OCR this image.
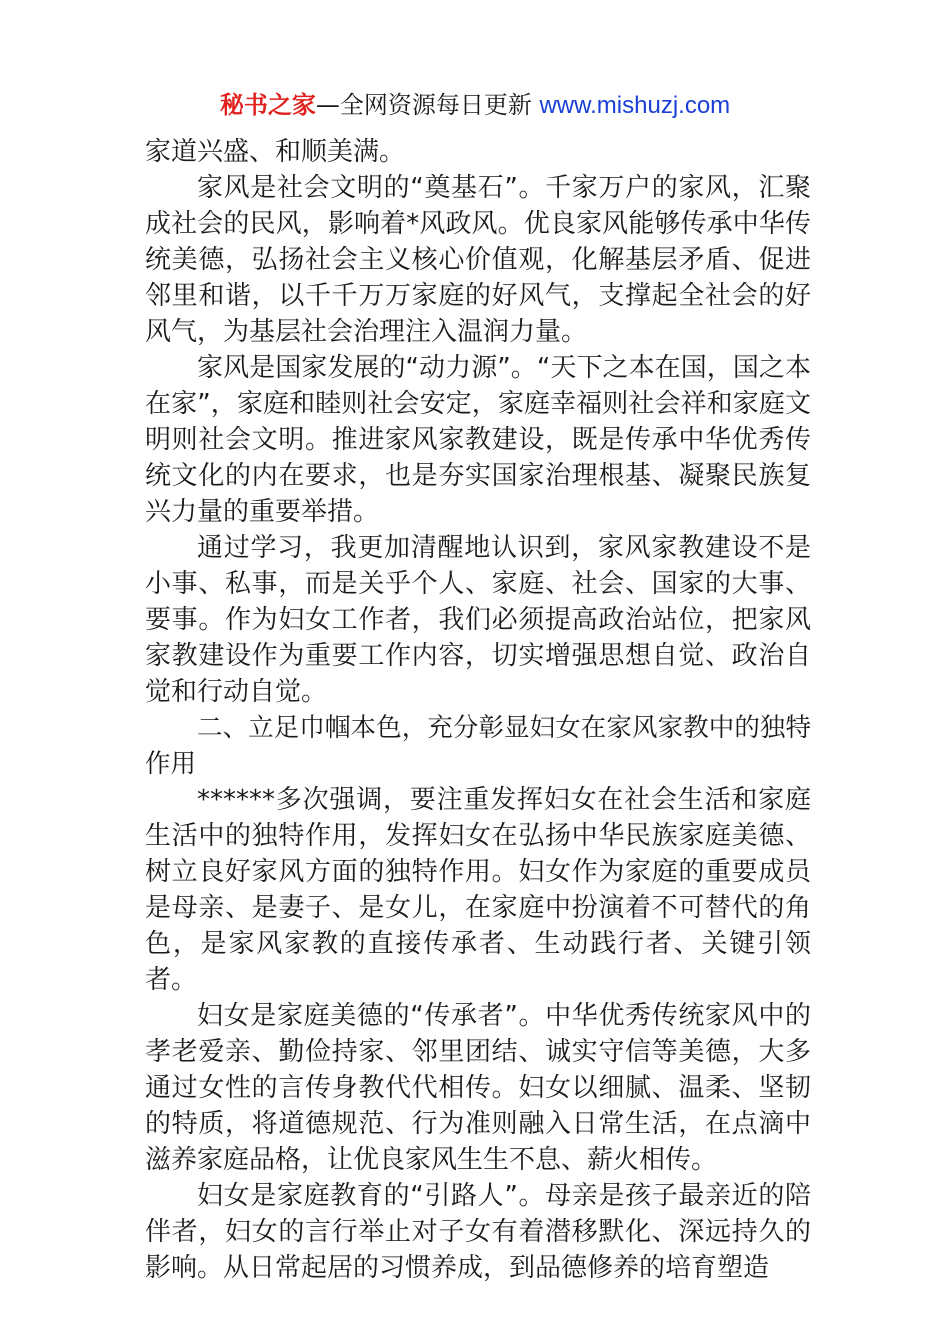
秘书之家—全网资源每日更新 www.mishuzj.com

家道兴盛、和顺美满。

家风是社会文明的“奠基石”。千家万户的家风，汇聚成社会的民风，影响着*风政风。优良家风能够传承中华传统美德，弘扬社会主义核心价值观，化解基层矛盾、促进邻里和谐，以千千万万家庭的好风气，支撑起全社会的好风气，为基层社会治理注入温润力量。

家风是国家发展的“动力源”。“天下之本在国，国之本在家”，家庭和睦则社会安定，家庭幸福则社会祥和家庭文明则社会文明。推进家风家教建设，既是传承中华优秀传统文化的内在要求，也是夯实国家治理根基、凝聚民族复兴力量的重要举措。

通过学习，我更加清醒地认识到，家风家教建设不是小事、私事，而是关乎个人、家庭、社会、国家的大事、要事。作为妇女工作者，我们必须提高政治站位，把家风家教建设作为重要工作内容，切实增强思想自觉、政治自觉和行动自觉。

二、立足巾帼本色，充分彰显妇女在家风家教中的独特作用

******多次强调，要注重发挥妇女在社会生活和家庭生活中的独特作用，发挥妇女在弘扬中华民族家庭美德、树立良好家风方面的独特作用。妇女作为家庭的重要成员是母亲、是妻子、是女儿，在家庭中扮演着不可替代的角色，是家风家教的直接传承者、生动践行者、关键引领者。

妇女是家庭美德的“传承者”。中华优秀传统家风中的孝老爱亲、勤俭持家、邻里团结、诚实守信等美德，大多通过女性的言传身教代代相传。妇女以细腻、温柔、坚韧的特质，将道德规范、行为准则融入日常生活，在点滴中滋养家庭品格，让优良家风生生不息、薪火相传。

妇女是家庭教育的“引路人”。母亲是孩子最亲近的陪伴者，妇女的言行举止对子女有着潜移默化、深远持久的影响。从日常起居的习惯养成，到品德修养的培育塑造
